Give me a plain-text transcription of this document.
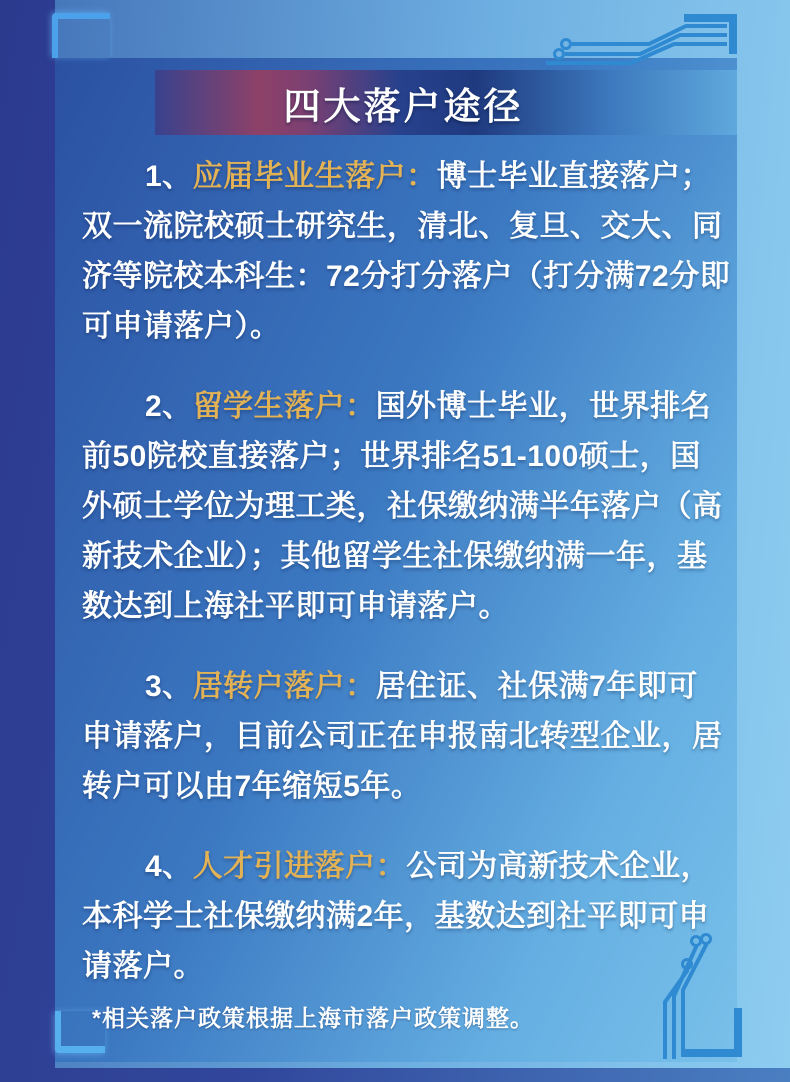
四大落户途径
1、应届毕业生落户：博士毕业直接落户；
双一流院校硕士研究生，清北、复旦、交大、同
济等院校本科生：72分打分落户（打分满72分即
可申请落户）。
2、留学生落户：国外博士毕业，世界排名
前50院校直接落户；世界排名51-100硕士，国
外硕士学位为理工类，社保缴纳满半年落户（高
新技术企业）；其他留学生社保缴纳满一年，基
数达到上海社平即可申请落户。
3、居转户落户：居住证、社保满7年即可
申请落户，目前公司正在申报南北转型企业，居
转户可以由7年缩短5年。
4、人才引进落户：公司为高新技术企业，
本科学士社保缴纳满2年，基数达到社平即可申
请落户。
*相关落户政策根据上海市落户政策调整。
